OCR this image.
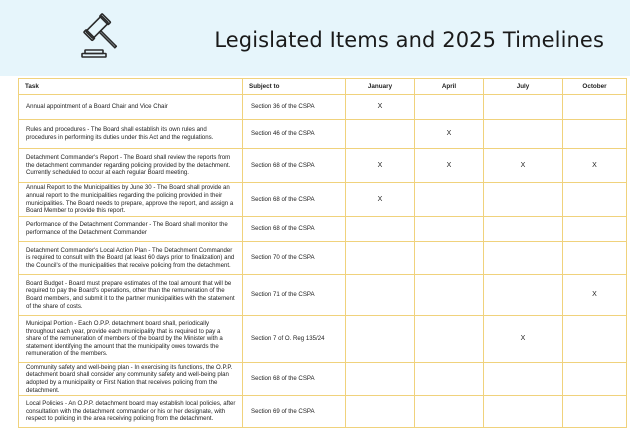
Legislated Items and 2025 Timelines
Task	Subject to	January	April	July	October
Annual appointment of a Board Chair and Vice Chair	Section 36 of the CSPA	X			
Rules and procedures - The Board shall establish its own rules and procedures in performing its duties under this Act and the regulations.	Section 46 of the CSPA		X		
Detachment Commander's Report - The Board shall review the reports from the detachment commander regarding policing provided by the detachment. Currently scheduled to occur at each regular Board meeting.	Section 68 of the CSPA	X	X	X	X
Annual Report to the Municipalities by June 30 - The Board shall provide an annual report to the municipalities regarding the policing provided in their municipalities. The Board needs to prepare, approve the report, and assign a Board Member to provide this report.	Section 68 of the CSPA	X			
Performance of the Detachment Commander - The Board shall monitor the performance of the Detachment Commander	Section 68 of the CSPA				
Detachment Commander's Local Action Plan - The Detachment Commander is required to consult with the Board (at least 60 days prior to finalization) and the Council's of the municipalities that receive policing from the detachment.	Section 70 of the CSPA				
Board Budget - Board must prepare estimates of the toal amount that will be required to pay the Board's operations, other than the remuneration of the Board members, and submit it to the partner municipalities with the statement of the share of costs.	Section 71 of the CSPA				X
Municipal Portion - Each O.P.P. detachment board shall, periodically throughout each year, provide each municipality that is required to pay a share of the remuneration of members of the board by the Minister with a statement identifying the amount that the municipality owes towards the remuneration of the members.	Section 7 of O. Reg 135/24			X	
Community safety and well-being plan - In exercising its functions, the O.P.P. detachment board shall consider any community safety and well-being plan adopted by a municipality or First Nation that receives policing from the detachment.	Section 68 of the CSPA				
Local Policies - An O.P.P. detachment board may establish local policies, after consultation with the detachment commander or his or her designate, with respect to policing in the area receiving policing from the detachment.	Section 69 of the CSPA				
